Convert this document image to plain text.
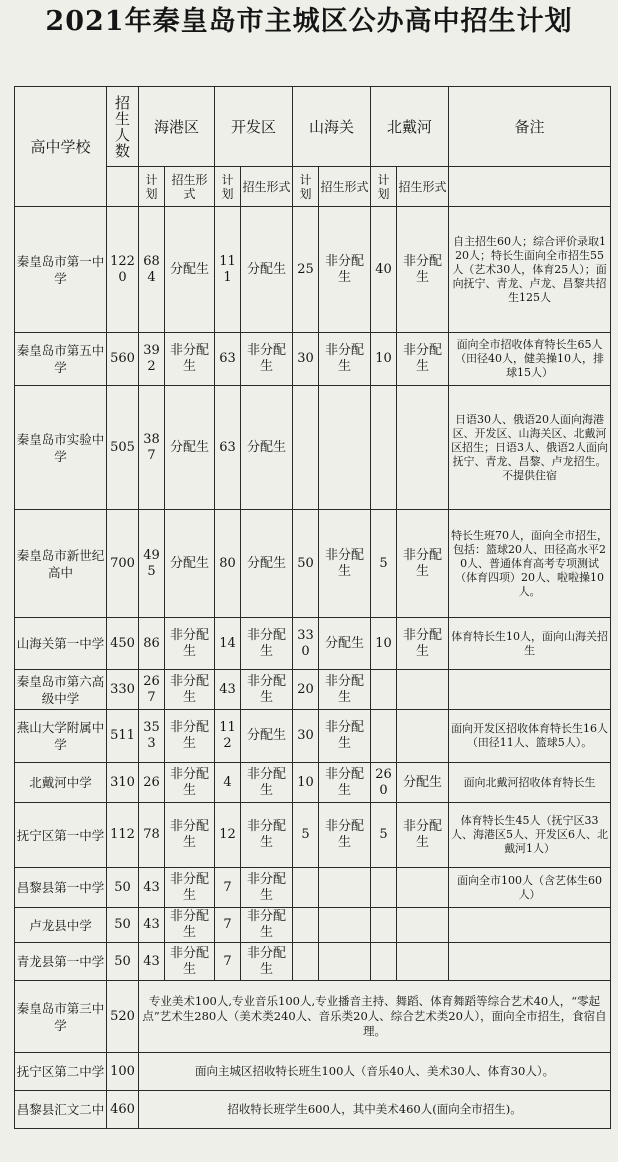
2021年秦皇岛市主城区公办高中招生计划
高中学校	招生人数	海港区		开发区		山海关		北戴河		备注
		计划	招生形式	计划	招生形式	计划	招生形式	计划	招生形式	
秦皇岛市第一中学	1220	684	分配生	111	分配生	25	非分配生	40	非分配生	自主招生60人；综合评价录取120人；特长生面向全市招生55人（艺术30人，体育25人）；面向抚宁、青龙、卢龙、昌黎共招生125人
秦皇岛市第五中学	560	392	非分配生	63	非分配生	30	非分配生	10	非分配生	面向全市招收体育特长生65人（田径40人，健美操10人，排球15人）
秦皇岛市实验中学	505	387	分配生	63	分配生					日语30人、俄语20人面向海港区、开发区、山海关区、北戴河区招生；日语3人、俄语2人面向抚宁、青龙、昌黎、卢龙招生。不提供住宿
秦皇岛市新世纪高中	700	495	分配生	80	分配生	50	非分配生	5	非分配生	特长生班70人，面向全市招生，包括：篮球20人、田径高水平20人、普通体育高考专项测试（体育四项）20人、啦啦操10人。
山海关第一中学	450	86	非分配生	14	非分配生	330	分配生	10	非分配生	体育特长生10人，面向山海关招生
秦皇岛市第六高级中学	330	267	非分配生	43	非分配生	20	非分配生			
燕山大学附属中学	511	353	非分配生	112	分配生	30	非分配生			面向开发区招收体育特长生16人（田径11人、篮球5人）。
北戴河中学	310	26	非分配生	4	非分配生	10	非分配生	260	分配生	面向北戴河招收体育特长生
抚宁区第一中学	112	78	非分配生	12	非分配生	5	非分配生	5	非分配生	体育特长生45人（抚宁区33人、海港区5人、开发区6人、北戴河1人）
昌黎县第一中学	50	43	非分配生	7	非分配生					面向全市100人（含艺体生60人）
卢龙县中学	50	43	非分配生	7	非分配生					
青龙县第一中学	50	43	非分配生	7	非分配生					
秦皇岛市第三中学	520	专业美术100人,专业音乐100人,专业播音主持、舞蹈、体育舞蹈等综合艺术40人，“零起点”艺术生280人（美术类240人、音乐类20人、综合艺术类20人），面向全市招生，食宿自理。								
抚宁区第二中学	100	面向主城区招收特长班生100人（音乐40人、美术30人、体育30人）。								
昌黎县汇文二中	460	招收特长班学生600人，其中美术460人(面向全市招生)。								
